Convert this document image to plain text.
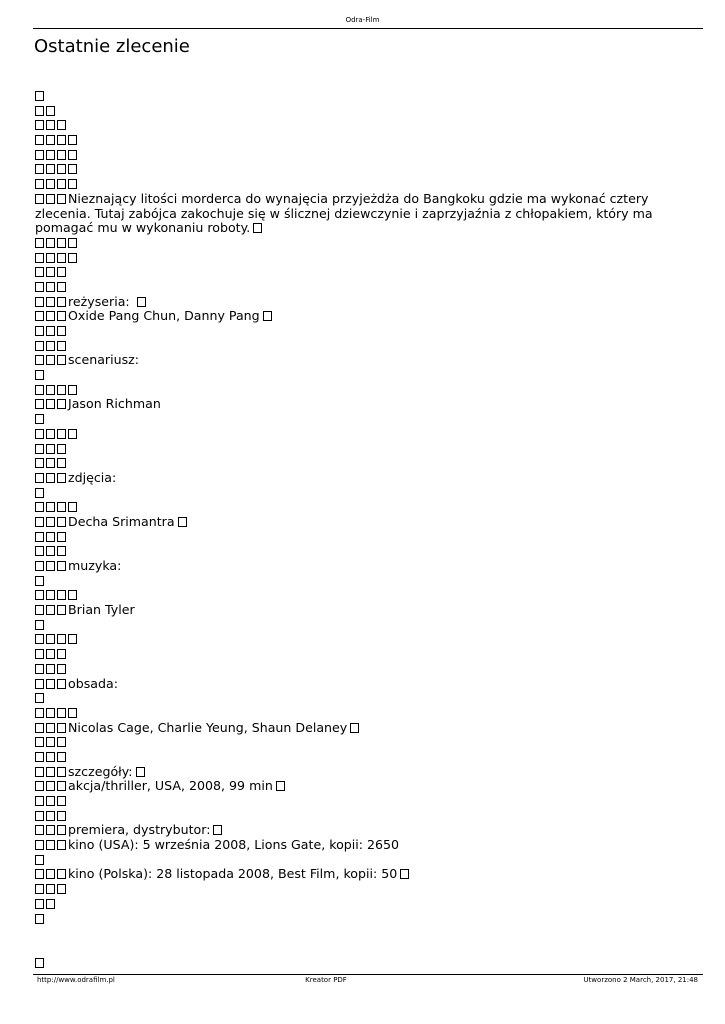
Odra-Film
Ostatnie zlecenie
Nieznający litości morderca do wynajęcia przyjeżdża do Bangkoku gdzie ma wykonać cztery zlecenia. Tutaj zabójca zakochuje się w ślicznej dziewczynie i zaprzyjaźnia z chłopakiem, który ma pomagać mu w wykonaniu roboty.
reżyseria:
Oxide Pang Chun, Danny Pang
scenariusz:
Jason Richman
zdjęcia:
Decha Srimantra
muzyka:
Brian Tyler
obsada:
Nicolas Cage, Charlie Yeung, Shaun Delaney
szczegóły:
akcja/thriller, USA, 2008, 99 min
premiera, dystrybutor:
kino (USA): 5 września 2008, Lions Gate, kopii: 2650
kino (Polska): 28 listopada 2008, Best Film, kopii: 50
http://www.odrafilm.pl	Kreator PDF	Utworzono 2 March, 2017, 21:48
